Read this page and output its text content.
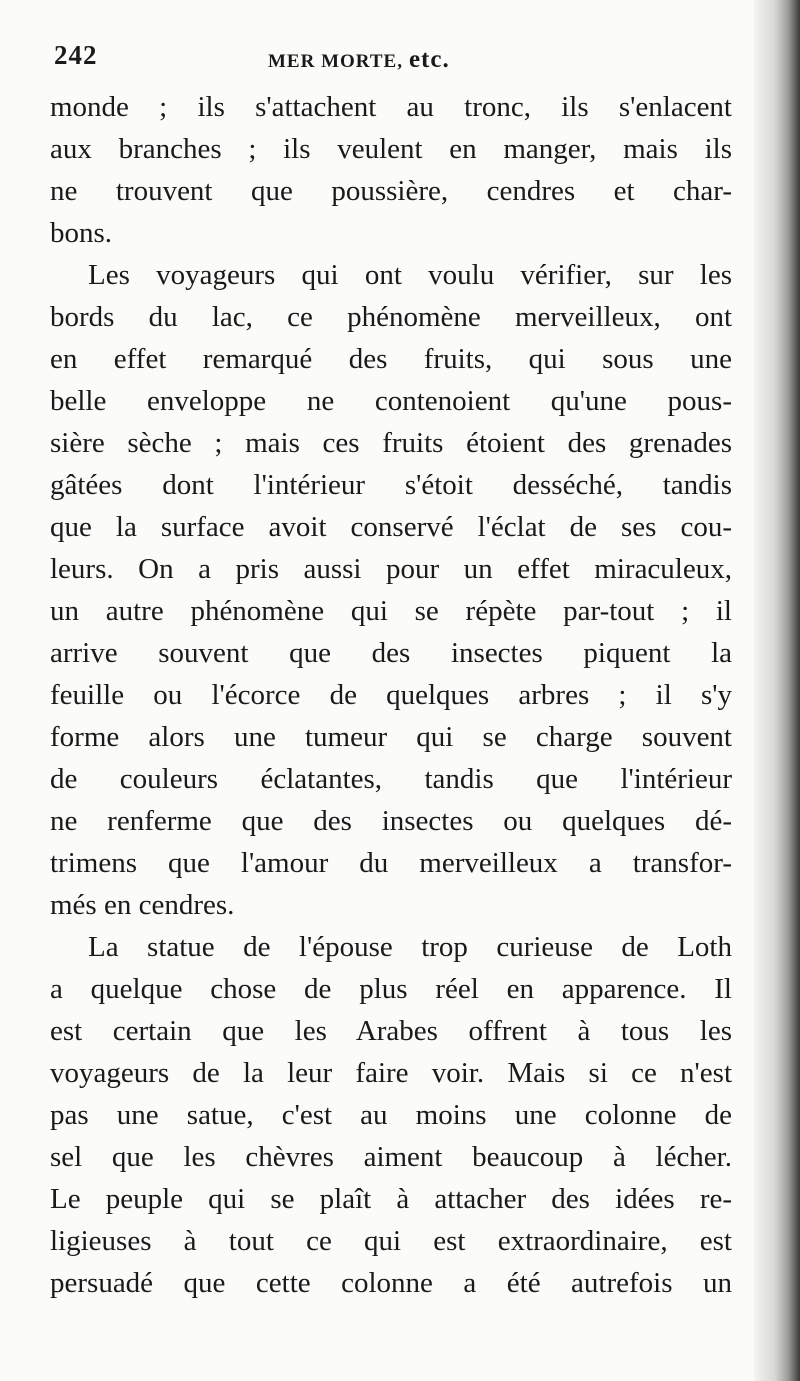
242	MER MORTE, etc.
monde ; ils s'attachent au tronc, ils s'enlacent
aux branches ; ils veulent en manger, mais ils
ne trouvent que poussière, cendres et char-
bons.
Les voyageurs qui ont voulu vérifier, sur les
bords du lac, ce phénomène merveilleux, ont
en effet remarqué des fruits, qui sous une
belle enveloppe ne contenoient qu'une pous-
sière sèche ; mais ces fruits étoient des grenades
gâtées dont l'intérieur s'étoit desséché, tandis
que la surface avoit conservé l'éclat de ses cou-
leurs. On a pris aussi pour un effet miraculeux,
un autre phénomène qui se répète par-tout ; il
arrive souvent que des insectes piquent la
feuille ou l'écorce de quelques arbres ; il s'y
forme alors une tumeur qui se charge souvent
de couleurs éclatantes, tandis que l'intérieur
ne renferme que des insectes ou quelques dé-
trimens que l'amour du merveilleux a transfor-
més en cendres.
La statue de l'épouse trop curieuse de Loth
a quelque chose de plus réel en apparence. Il
est certain que les Arabes offrent à tous les
voyageurs de la leur faire voir. Mais si ce n'est
pas une satue, c'est au moins une colonne de
sel que les chèvres aiment beaucoup à lécher.
Le peuple qui se plaît à attacher des idées re-
ligieuses à tout ce qui est extraordinaire, est
persuadé que cette colonne a été autrefois un
